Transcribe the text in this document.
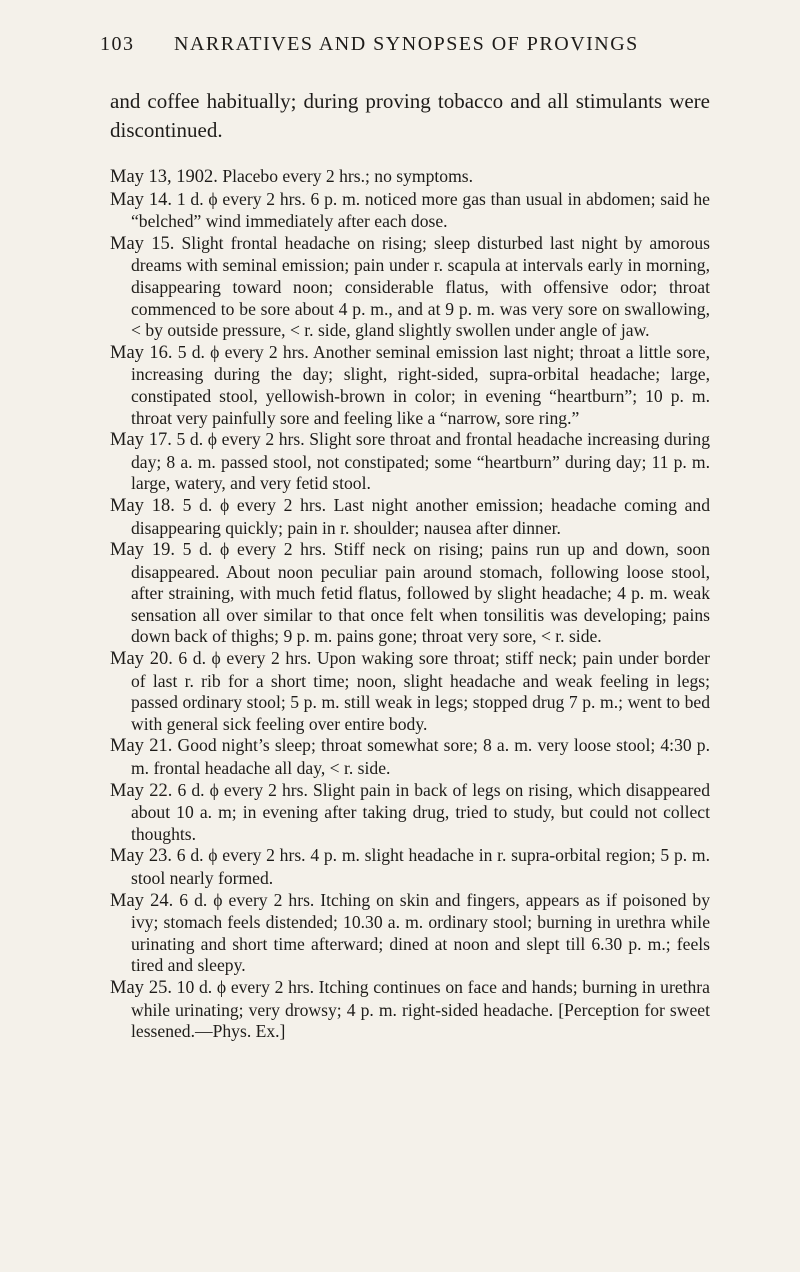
103 NARRATIVES AND SYNOPSES OF PROVINGS

and coffee habitually; during proving tobacco and all stimulants were discontinued.

May 13, 1902. Placebo every 2 hrs.; no symptoms.

May 14. 1 d. ϕ every 2 hrs. 6 p. m. noticed more gas than usual in abdomen; said he “belched” wind immediately after each dose.

May 15. Slight frontal headache on rising; sleep disturbed last night by amorous dreams with seminal emission; pain under r. scapula at intervals early in morning, disappearing toward noon; considerable flatus, with offensive odor; throat commenced to be sore about 4 p. m., and at 9 p. m. was very sore on swallowing, < by outside pressure, < r. side, gland slightly swollen under angle of jaw.

May 16. 5 d. ϕ every 2 hrs. Another seminal emission last night; throat a little sore, increasing during the day; slight, right-sided, supra-orbital headache; large, constipated stool, yellowish-brown in color; in evening “heartburn”; 10 p. m. throat very painfully sore and feeling like a “narrow, sore ring.”

May 17. 5 d. ϕ every 2 hrs. Slight sore throat and frontal headache increasing during day; 8 a. m. passed stool, not constipated; some “heartburn” during day; 11 p. m. large, watery, and very fetid stool.

May 18. 5 d. ϕ every 2 hrs. Last night another emission; headache coming and disappearing quickly; pain in r. shoulder; nausea after dinner.

May 19. 5 d. ϕ every 2 hrs. Stiff neck on rising; pains run up and down, soon disappeared. About noon peculiar pain around stomach, following loose stool, after straining, with much fetid flatus, followed by slight headache; 4 p. m. weak sensation all over similar to that once felt when tonsilitis was developing; pains down back of thighs; 9 p. m. pains gone; throat very sore, < r. side.

May 20. 6 d. ϕ every 2 hrs. Upon waking sore throat; stiff neck; pain under border of last r. rib for a short time; noon, slight headache and weak feeling in legs; passed ordinary stool; 5 p. m. still weak in legs; stopped drug 7 p. m.; went to bed with general sick feeling over entire body.

May 21. Good night’s sleep; throat somewhat sore; 8 a. m. very loose stool; 4:30 p. m. frontal headache all day, < r. side.

May 22. 6 d. ϕ every 2 hrs. Slight pain in back of legs on rising, which disappeared about 10 a. m; in evening after taking drug, tried to study, but could not collect thoughts.

May 23. 6 d. ϕ every 2 hrs. 4 p. m. slight headache in r. supra-orbital region; 5 p. m. stool nearly formed.

May 24. 6 d. ϕ every 2 hrs. Itching on skin and fingers, appears as if poisoned by ivy; stomach feels distended; 10.30 a. m. ordinary stool; burning in urethra while urinating and short time afterward; dined at noon and slept till 6.30 p. m.; feels tired and sleepy.

May 25. 10 d. ϕ every 2 hrs. Itching continues on face and hands; burning in urethra while urinating; very drowsy; 4 p. m. right-sided headache. [Perception for sweet lessened.—Phys. Ex.]
